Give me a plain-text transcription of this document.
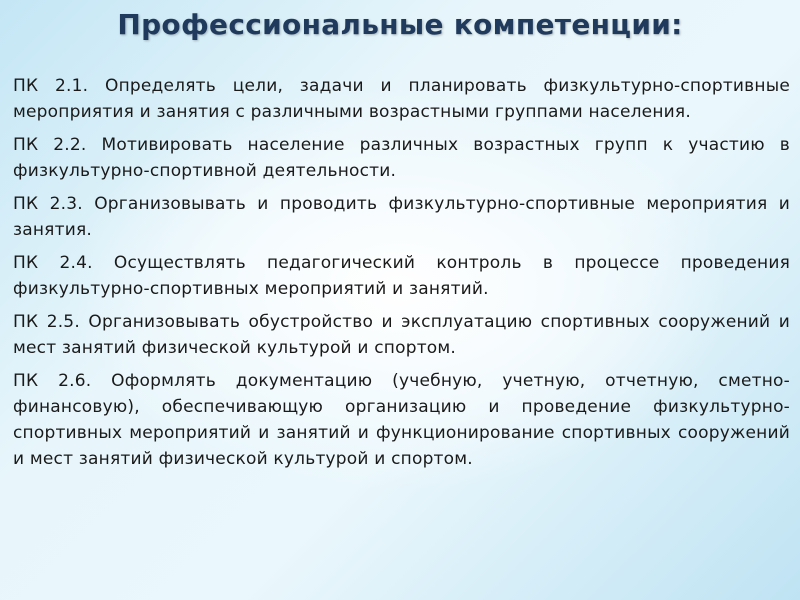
Профессиональные компетенции:

ПК 2.1. Определять цели, задачи и планировать физкультурно-спортивные мероприятия и занятия с различными возрастными группами населения.

ПК 2.2. Мотивировать население различных возрастных групп к участию в физкультурно-спортивной деятельности.

ПК 2.3. Организовывать и проводить физкультурно-спортивные мероприятия и занятия.

ПК 2.4. Осуществлять педагогический контроль в процессе проведения физкультурно-спортивных мероприятий и занятий.

ПК 2.5. Организовывать обустройство и эксплуатацию спортивных сооружений и мест занятий физической культурой и спортом.

ПК 2.6. Оформлять документацию (учебную, учетную, отчетную, сметно-финансовую), обеспечивающую организацию и проведение физкультурно-спортивных мероприятий и занятий и функционирование спортивных сооружений и мест занятий физической культурой и спортом.
